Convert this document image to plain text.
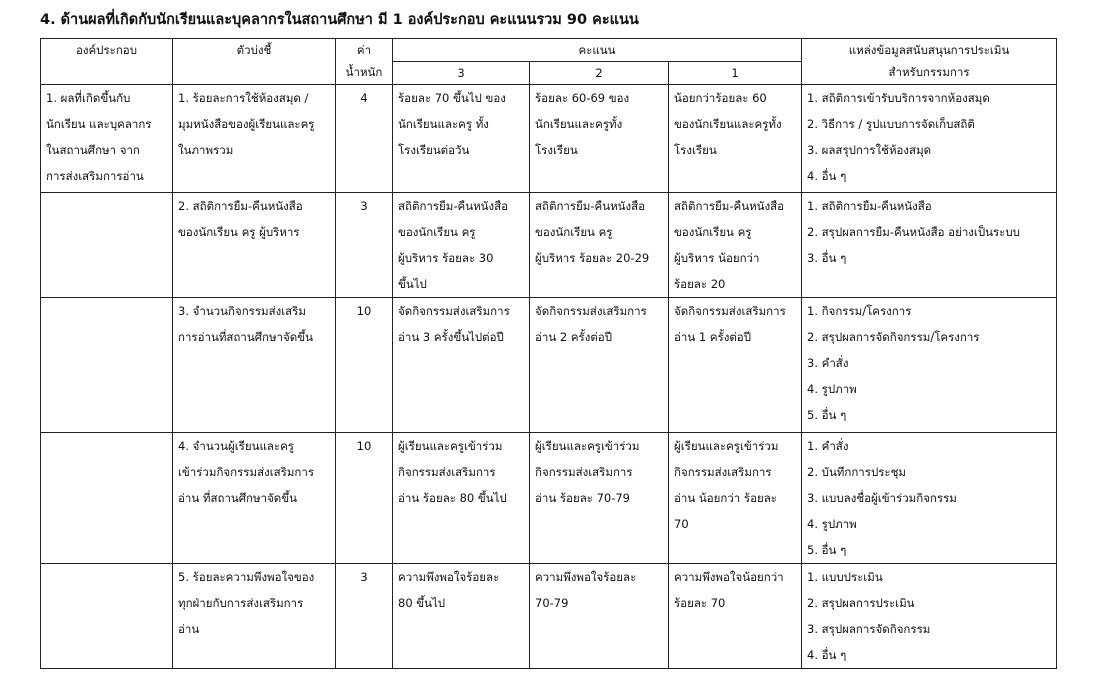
4. ด้านผลที่เกิดกับนักเรียนและบุคลากรในสถานศึกษา มี 1 องค์ประกอบ คะแนนรวม 90 คะแนน
องค์ประกอบ	ตัวบ่งชี้	ค่า
น้ำหนัก	คะแนน			แหล่งข้อมูลสนับสนุนการประเมิน
สำหรับกรรมการ

			3	2	1	

1. ผลที่เกิดขึ้นกับ
นักเรียน และบุคลากร
ในสถานศึกษา จาก
การส่งเสริมการอ่าน	1. ร้อยละการใช้ห้องสมุด /
มุมหนังสือของผู้เรียนและครู
ในภาพรวม	4	ร้อยละ 70 ขึ้นไป ของ
นักเรียนและครู ทั้ง
โรงเรียนต่อวัน	ร้อยละ 60-69 ของ
นักเรียนและครูทั้ง
โรงเรียน	น้อยกว่าร้อยละ 60
ของนักเรียนและครูทั้ง
โรงเรียน	1. สถิติการเข้ารับบริการจากห้องสมุด
2. วิธีการ / รูปแบบการจัดเก็บสถิติ
3. ผลสรุปการใช้ห้องสมุด
4. อื่น ๆ

	2. สถิติการยืม-คืนหนังสือ
ของนักเรียน ครู ผู้บริหาร	3	สถิติการยืม-คืนหนังสือ
ของนักเรียน ครู
ผู้บริหาร ร้อยละ 30
ขึ้นไป	สถิติการยืม-คืนหนังสือ
ของนักเรียน ครู
ผู้บริหาร ร้อยละ 20-29	สถิติการยืม-คืนหนังสือ
ของนักเรียน ครู
ผู้บริหาร น้อยกว่า
ร้อยละ 20	1. สถิติการยืม-คืนหนังสือ
2. สรุปผลการยืม-คืนหนังสือ อย่างเป็นระบบ
3. อื่น ๆ

	3. จำนวนกิจกรรมส่งเสริม
การอ่านที่สถานศึกษาจัดขึ้น	10	จัดกิจกรรมส่งเสริมการ
อ่าน 3 ครั้งขึ้นไปต่อปี	จัดกิจกรรมส่งเสริมการ
อ่าน 2 ครั้งต่อปี	จัดกิจกรรมส่งเสริมการ
อ่าน 1 ครั้งต่อปี	1. กิจกรรม/โครงการ
2. สรุปผลการจัดกิจกรรม/โครงการ
3. คำสั่ง
4. รูปภาพ
5. อื่น ๆ

	4. จำนวนผู้เรียนและครู
เข้าร่วมกิจกรรมส่งเสริมการ
อ่าน ที่สถานศึกษาจัดขึ้น	10	ผู้เรียนและครูเข้าร่วม
กิจกรรมส่งเสริมการ
อ่าน ร้อยละ 80 ขึ้นไป	ผู้เรียนและครูเข้าร่วม
กิจกรรมส่งเสริมการ
อ่าน ร้อยละ 70-79	ผู้เรียนและครูเข้าร่วม
กิจกรรมส่งเสริมการ
อ่าน น้อยกว่า ร้อยละ
70	1. คำสั่ง
2. บันทึกการประชุม
3. แบบลงชื่อผู้เข้าร่วมกิจกรรม
4. รูปภาพ
5. อื่น ๆ

	5. ร้อยละความพึงพอใจของ
ทุกฝ่ายกับการส่งเสริมการ
อ่าน	3	ความพึงพอใจร้อยละ
80 ขึ้นไป	ความพึงพอใจร้อยละ
70-79	ความพึงพอใจน้อยกว่า
ร้อยละ 70	1. แบบประเมิน
2. สรุปผลการประเมิน
3. สรุปผลการจัดกิจกรรม
4. อื่น ๆ
